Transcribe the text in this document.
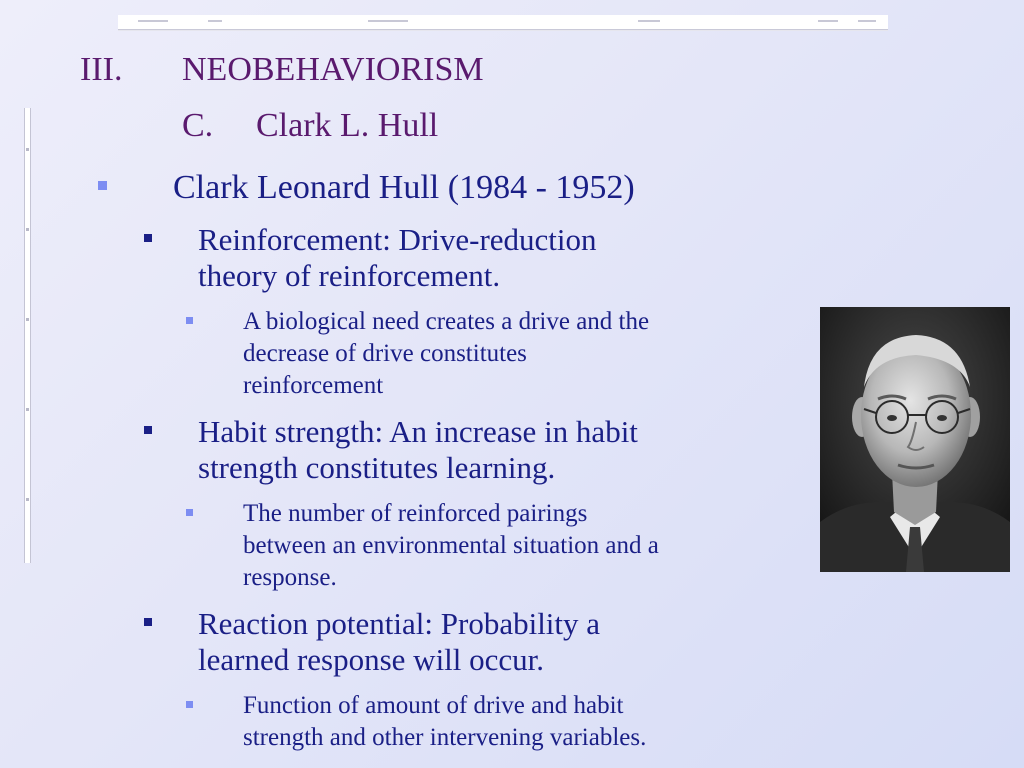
III. NEOBEHAVIORISM
C. Clark L. Hull
Clark Leonard Hull (1984 - 1952)
Reinforcement: Drive-reduction
theory of reinforcement.
A biological need creates a drive and the
decrease of drive constitutes
reinforcement
Habit strength: An increase in habit
strength constitutes learning.
The number of reinforced pairings
between an environmental situation and a
response.
Reaction potential: Probability a
learned response will occur.
Function of amount of drive and habit
strength and other intervening variables.
